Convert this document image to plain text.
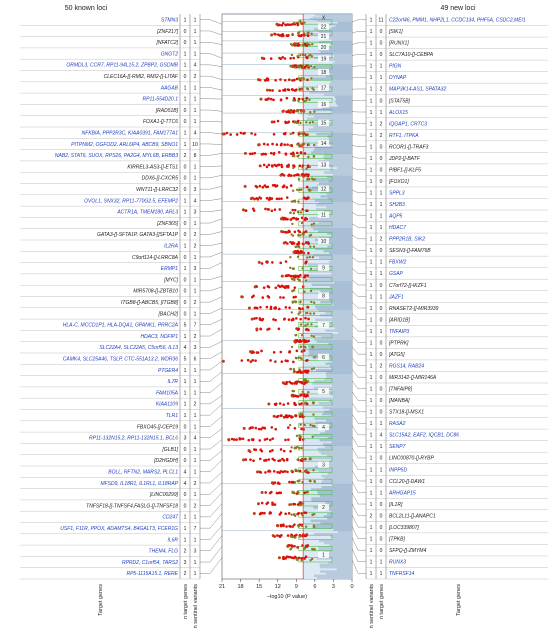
50 known loci	49 new loci
STMN3 1 1
[ZNF217] 0 1
[NFATC2] 0 1
GNGT2 1 1
ORMDL3, CCR7, RP11-94L15.2, ZPBP2, GSDMB 1 4
CLEC16A-[]-RMI2, RMI2-[]-LITAF 0 2
AAGAB 1 1
RP11-554D20.1 1 1
[RAD51B] 0 1
FOXA1-[]-TTC6 0 1
NFKBIA, PPP2R3C, KIAA0391, FAM177A1 1 4
PITPNM2, OGFOD2, ARL6IP4, ABCB9, SBNO1 1 10
NAB2, STAT6, SUOX, RPS26, PA2G4, MYL6B, ERBB3 2 8
KIRREL3-AS3-[]-ETS1 0 1
DDX6-[]-CXCR5 0 1
WNT11-[]-LRRC32 0 3
OVOL1, SNX32, RP11-770G2.5, EFEMP2 1 4
ACTR1A, TMEM180, ARL3 1 3
[ZNF365] 0 1
GATA3-[]-SFTA1P, GATA3-[]SFTA1P 0 2
IL2RA 1 2
C9orf114-[]-LRRC8A 0 1
ERMP1 1 3
[MYC] 0 1
MIR5708-[]-ZBTB10 0 1
ITGB8-[]-ABCB5, [ITGB8] 0 2
[BACH2] 0 1
HLA-C, MCCD1P1, HLA-DQA1, GPANK1, PRRC2A 5 7
HDAC3, NDFIP1 1 2
SLC22A4, SLC22A5, C5orf56, IL13 4 3
CAMK4, SLC25A46, TSLP, CTC-551A13.2, WDR36 5 6
PTGER4 1 1
IL7R 1 1
FAM105A 1 1
KIAA1109 1 2
TLR1 1 1
FBXO45-[]-CEP19 0 1
RP11-132N15.2, RP11-132N15.1, BCL6 3 4
[GLB1] 0 1
[D2HGDH] 0 1
BOLL, RFTN2, MARS2, PLCL1 4 1
MFSD9, IL18R1, IL1RL1, IL18RAP 4 2
[LINC00299] 0 1
TNFSF18-[]-TNFSF4,FASLG-[]-TNFSF18 0 2
CD247 1 1
USF1, F11R, PPOX, ADAMTS4, B4GALT3, FCER1G 1 7
IL6R 1 1
THEM4, FLG 2 3
RPRD2, C1orf54, TARS2 3 1
RP5-1115A15.1, RERE 2 1
1 11 C22orf46, PMM1, NHP2L1, CCDC134, PHF5A, CSDC2,MEI1
1 0 [SIK1]
1 0 [RUNX1]
1 0 SLC7A10-[]-CEBPA
1 1 PIGN
1 1 DYNAP
1 2 MAP3K14-AS1, SPATA32
1 0 [STAT5B]
1 1 ALOX15
1 2 IQGAP1, CRTC3
1 2 RTF1, ITPKA
1 0 RCOR1-[]-TRAF3
1 0 JDP2-[]-BATF
1 0 PIBF1-[]-KLF5
1 0 [FOXO1]
1 1 SPPL3
1 1 SH2B3
1 1 AQP5
1 1 HDAC7
1 2 PPP2R1B, SIK2
1 0 SESN3-[]-FAM76B
1 1 FBXW2
1 1 GSAP
1 0 C7orf72-[]-IKZF1
1 1 JAZF1
1 0 RNASET2-[]-MIR3939
1 0 [ARID1B]
1 1 TNFAIP3
1 0 [PTPRK]
1 0 [ATG5]
1 2 RGS14, RAB24
1 0 MIR3142-[]-MIR146A
1 0 [TNFAIP8]
1 0 [MANBA]
1 0 STX18-[]-MSX1
1 1 RASA2
1 4 SLC15A2, EAF2, IQCB1, DC86
1 1 SENP7
1 0 LINC00870-[]-RYBP
1 1 INPP5D
1 0 CCL20-[]-DAW1
1 1 ARHGAP15
1 0 [IL1R]
2 0 BCL2L11-[]-ANAPC1
1 0 [LOC339807]
1 0 [TPKB]
1 0 SFPQ-[]-ZMYM4
1 1 RUNX3
1 1 TNFRSF14
1
2
3
4
5
6
7
8
9
10
11
12
13
14
15
16
17
18
19
20
21
22
X
21 18 15 12	9	6	3	0
−log10 (P value)
Target genes	n target genes n sentinel variants	n sentinel variants n target genes	Target genes
